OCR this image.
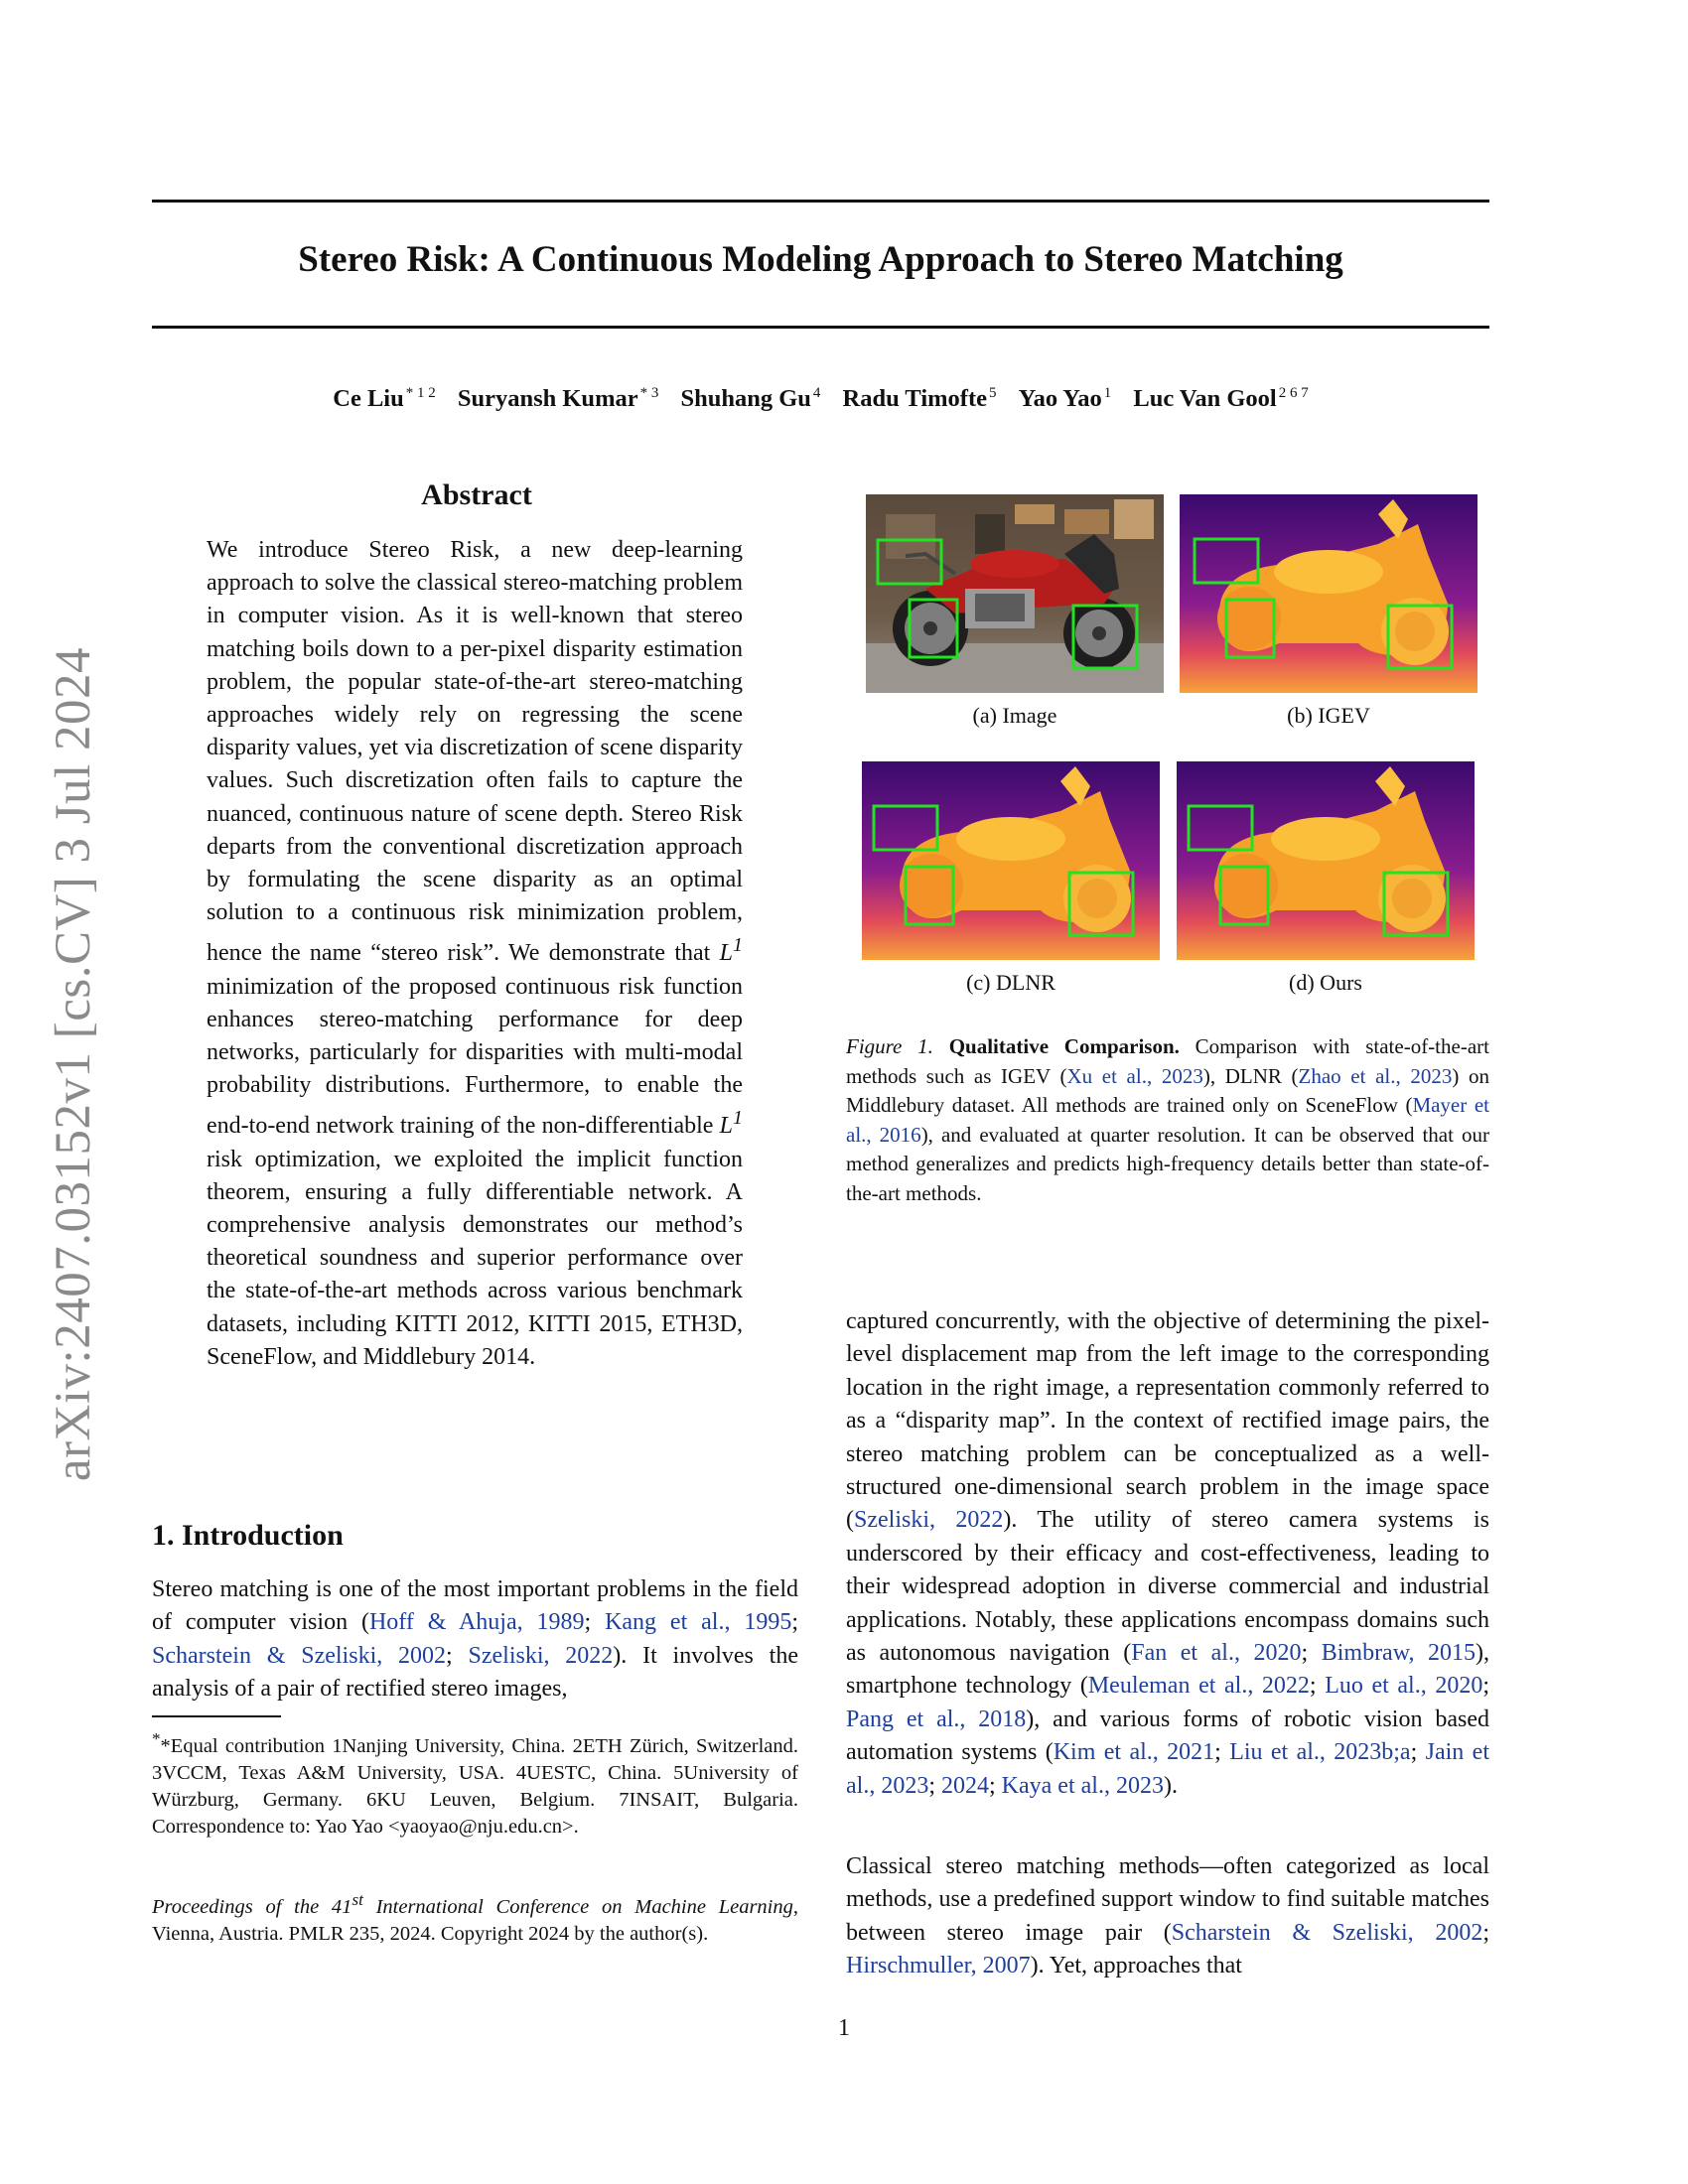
Stereo Risk: A Continuous Modeling Approach to Stereo Matching
Ce Liu $^{* 1 2}$ Suryansh Kumar $^{* 3}$ Shuhang Gu $^4$ Radu Timofte $^5$ Yao Yao $^1$ Luc Van Gool $^{2 6 7}$
arXiv:2407.03152v1 [cs.CV] 3 Jul 2024
Abstract

We introduce Stereo Risk, a new deep-learning approach to solve the classical stereo-matching problem in computer vision. As it is well-known that stereo matching boils down to a per-pixel disparity estimation problem, the popular state-of-the-art stereo-matching approaches widely rely on regressing the scene disparity values, yet via discretization of scene disparity values. Such discretization often fails to capture the nuanced, continuous nature of scene depth. Stereo Risk departs from the conventional discretization approach by formulating the scene disparity as an optimal solution to a continuous risk minimization problem, hence the name “stereo risk”. We demonstrate that $L^1$ minimization of the proposed continuous risk function enhances stereo-matching performance for deep networks, particularly for disparities with multi-modal probability distributions. Furthermore, to enable the end-to-end network training of the non-differentiable $L^1$ risk optimization, we exploited the implicit function theorem, ensuring a fully differentiable network. A comprehensive analysis demonstrates our method’s theoretical soundness and superior performance over the state-of-the-art methods across various benchmark datasets, including KITTI 2012, KITTI 2015, ETH3D, SceneFlow, and Middlebury 2014.

(a) Image	(b) IGEV
(c) DLNR	(d) Ours

Figure 1. Qualitative Comparison. Comparison with state-of-the-art methods such as IGEV (Xu et al., 2023), DLNR (Zhao et al., 2023) on Middlebury dataset. All methods are trained only on SceneFlow (Mayer et al., 2016), and evaluated at quarter resolution. It can be observed that our method generalizes and predicts high-frequency details better than state-of-the-art methods.

1. Introduction

Stereo matching is one of the most important problems in the field of computer vision (Hoff & Ahuja, 1989; Kang et al., 1995; Scharstein & Szeliski, 2002; Szeliski, 2022). It involves the analysis of a pair of rectified stereo images,

**Equal contribution 1Nanjing University, China. 2ETH Zürich, Switzerland. 3VCCM, Texas A&M University, USA. 4UESTC, China. 5University of Würzburg, Germany. 6KU Leuven, Belgium. 7INSAIT, Bulgaria. Correspondence to: Yao Yao <yaoyao@nju.edu.cn>.

Proceedings of the 41st International Conference on Machine Learning, Vienna, Austria. PMLR 235, 2024. Copyright 2024 by the author(s).

captured concurrently, with the objective of determining the pixel-level displacement map from the left image to the corresponding location in the right image, a representation commonly referred to as a “disparity map”. In the context of rectified image pairs, the stereo matching problem can be conceptualized as a well-structured one-dimensional search problem in the image space (Szeliski, 2022). The utility of stereo camera systems is underscored by their efficacy and cost-effectiveness, leading to their widespread adoption in diverse commercial and industrial applications. Notably, these applications encompass domains such as autonomous navigation (Fan et al., 2020; Bimbraw, 2015), smartphone technology (Meuleman et al., 2022; Luo et al., 2020; Pang et al., 2018), and various forms of robotic vision based automation systems (Kim et al., 2021; Liu et al., 2023b;a; Jain et al., 2023; 2024; Kaya et al., 2023).

Classical stereo matching methods—often categorized as local methods, use a predefined support window to find suitable matches between stereo image pair (Scharstein & Szeliski, 2002; Hirschmuller, 2007). Yet, approaches that

1
